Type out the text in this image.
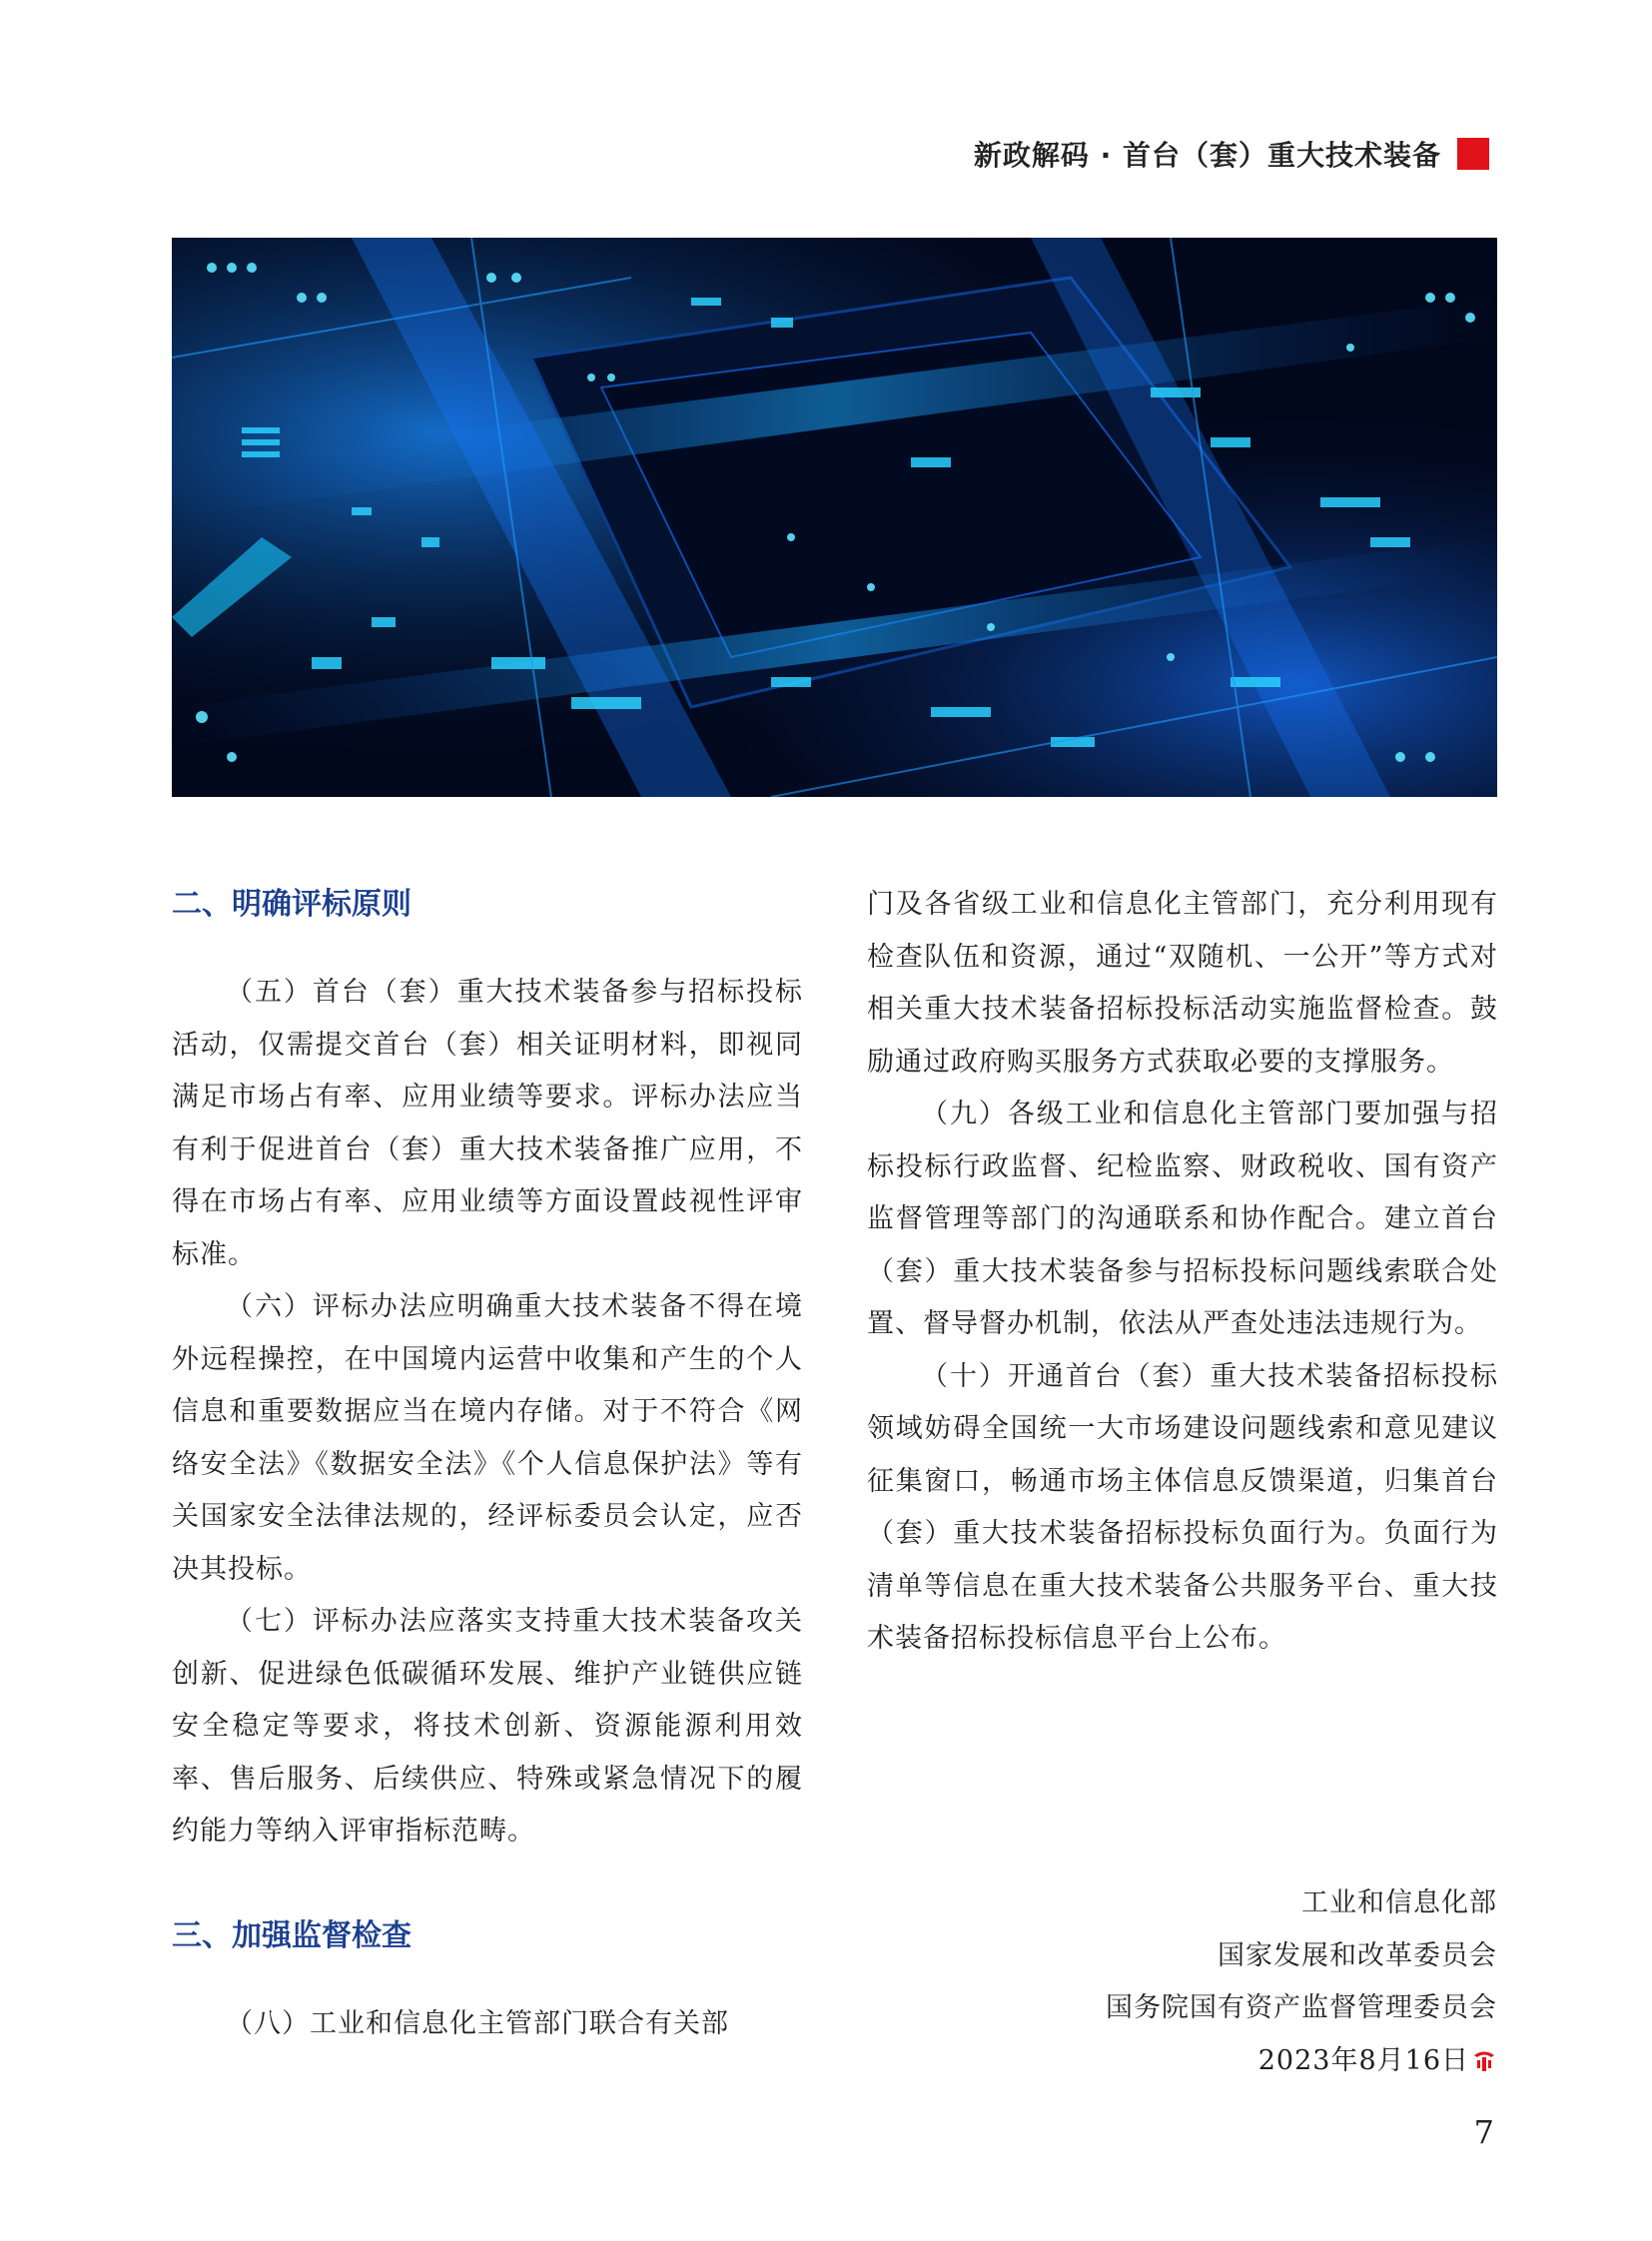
新政解码 · 首台（套）重大技术装备
二、明确评标原则

（五）首台（套）重大技术装备参与招标投标活动，仅需提交首台（套）相关证明材料，即视同满足市场占有率、应用业绩等要求。评标办法应当有利于促进首台（套）重大技术装备推广应用，不得在市场占有率、应用业绩等方面设置歧视性评审标准。

（六）评标办法应明确重大技术装备不得在境外远程操控，在中国境内运营中收集和产生的个人信息和重要数据应当在境内存储。对于不符合《网络安全法》《数据安全法》《个人信息保护法》等有关国家安全法律法规的，经评标委员会认定，应否决其投标。

（七）评标办法应落实支持重大技术装备攻关创新、促进绿色低碳循环发展、维护产业链供应链安全稳定等要求，将技术创新、资源能源利用效率、售后服务、后续供应、特殊或紧急情况下的履约能力等纳入评审指标范畴。

三、加强监督检查

（八）工业和信息化主管部门联合有关部

门及各省级工业和信息化主管部门，充分利用现有检查队伍和资源，通过“双随机、一公开”等方式对相关重大技术装备招标投标活动实施监督检查。鼓励通过政府购买服务方式获取必要的支撑服务。

（九）各级工业和信息化主管部门要加强与招标投标行政监督、纪检监察、财政税收、国有资产监督管理等部门的沟通联系和协作配合。建立首台（套）重大技术装备参与招标投标问题线索联合处置、督导督办机制，依法从严查处违法违规行为。

（十）开通首台（套）重大技术装备招标投标领域妨碍全国统一大市场建设问题线索和意见建议征集窗口，畅通市场主体信息反馈渠道，归集首台（套）重大技术装备招标投标负面行为。负面行为清单等信息在重大技术装备公共服务平台、重大技术装备招标投标信息平台上公布。

工业和信息化部
国家发展和改革委员会
国务院国有资产监督管理委员会
2023年8月16日
7
